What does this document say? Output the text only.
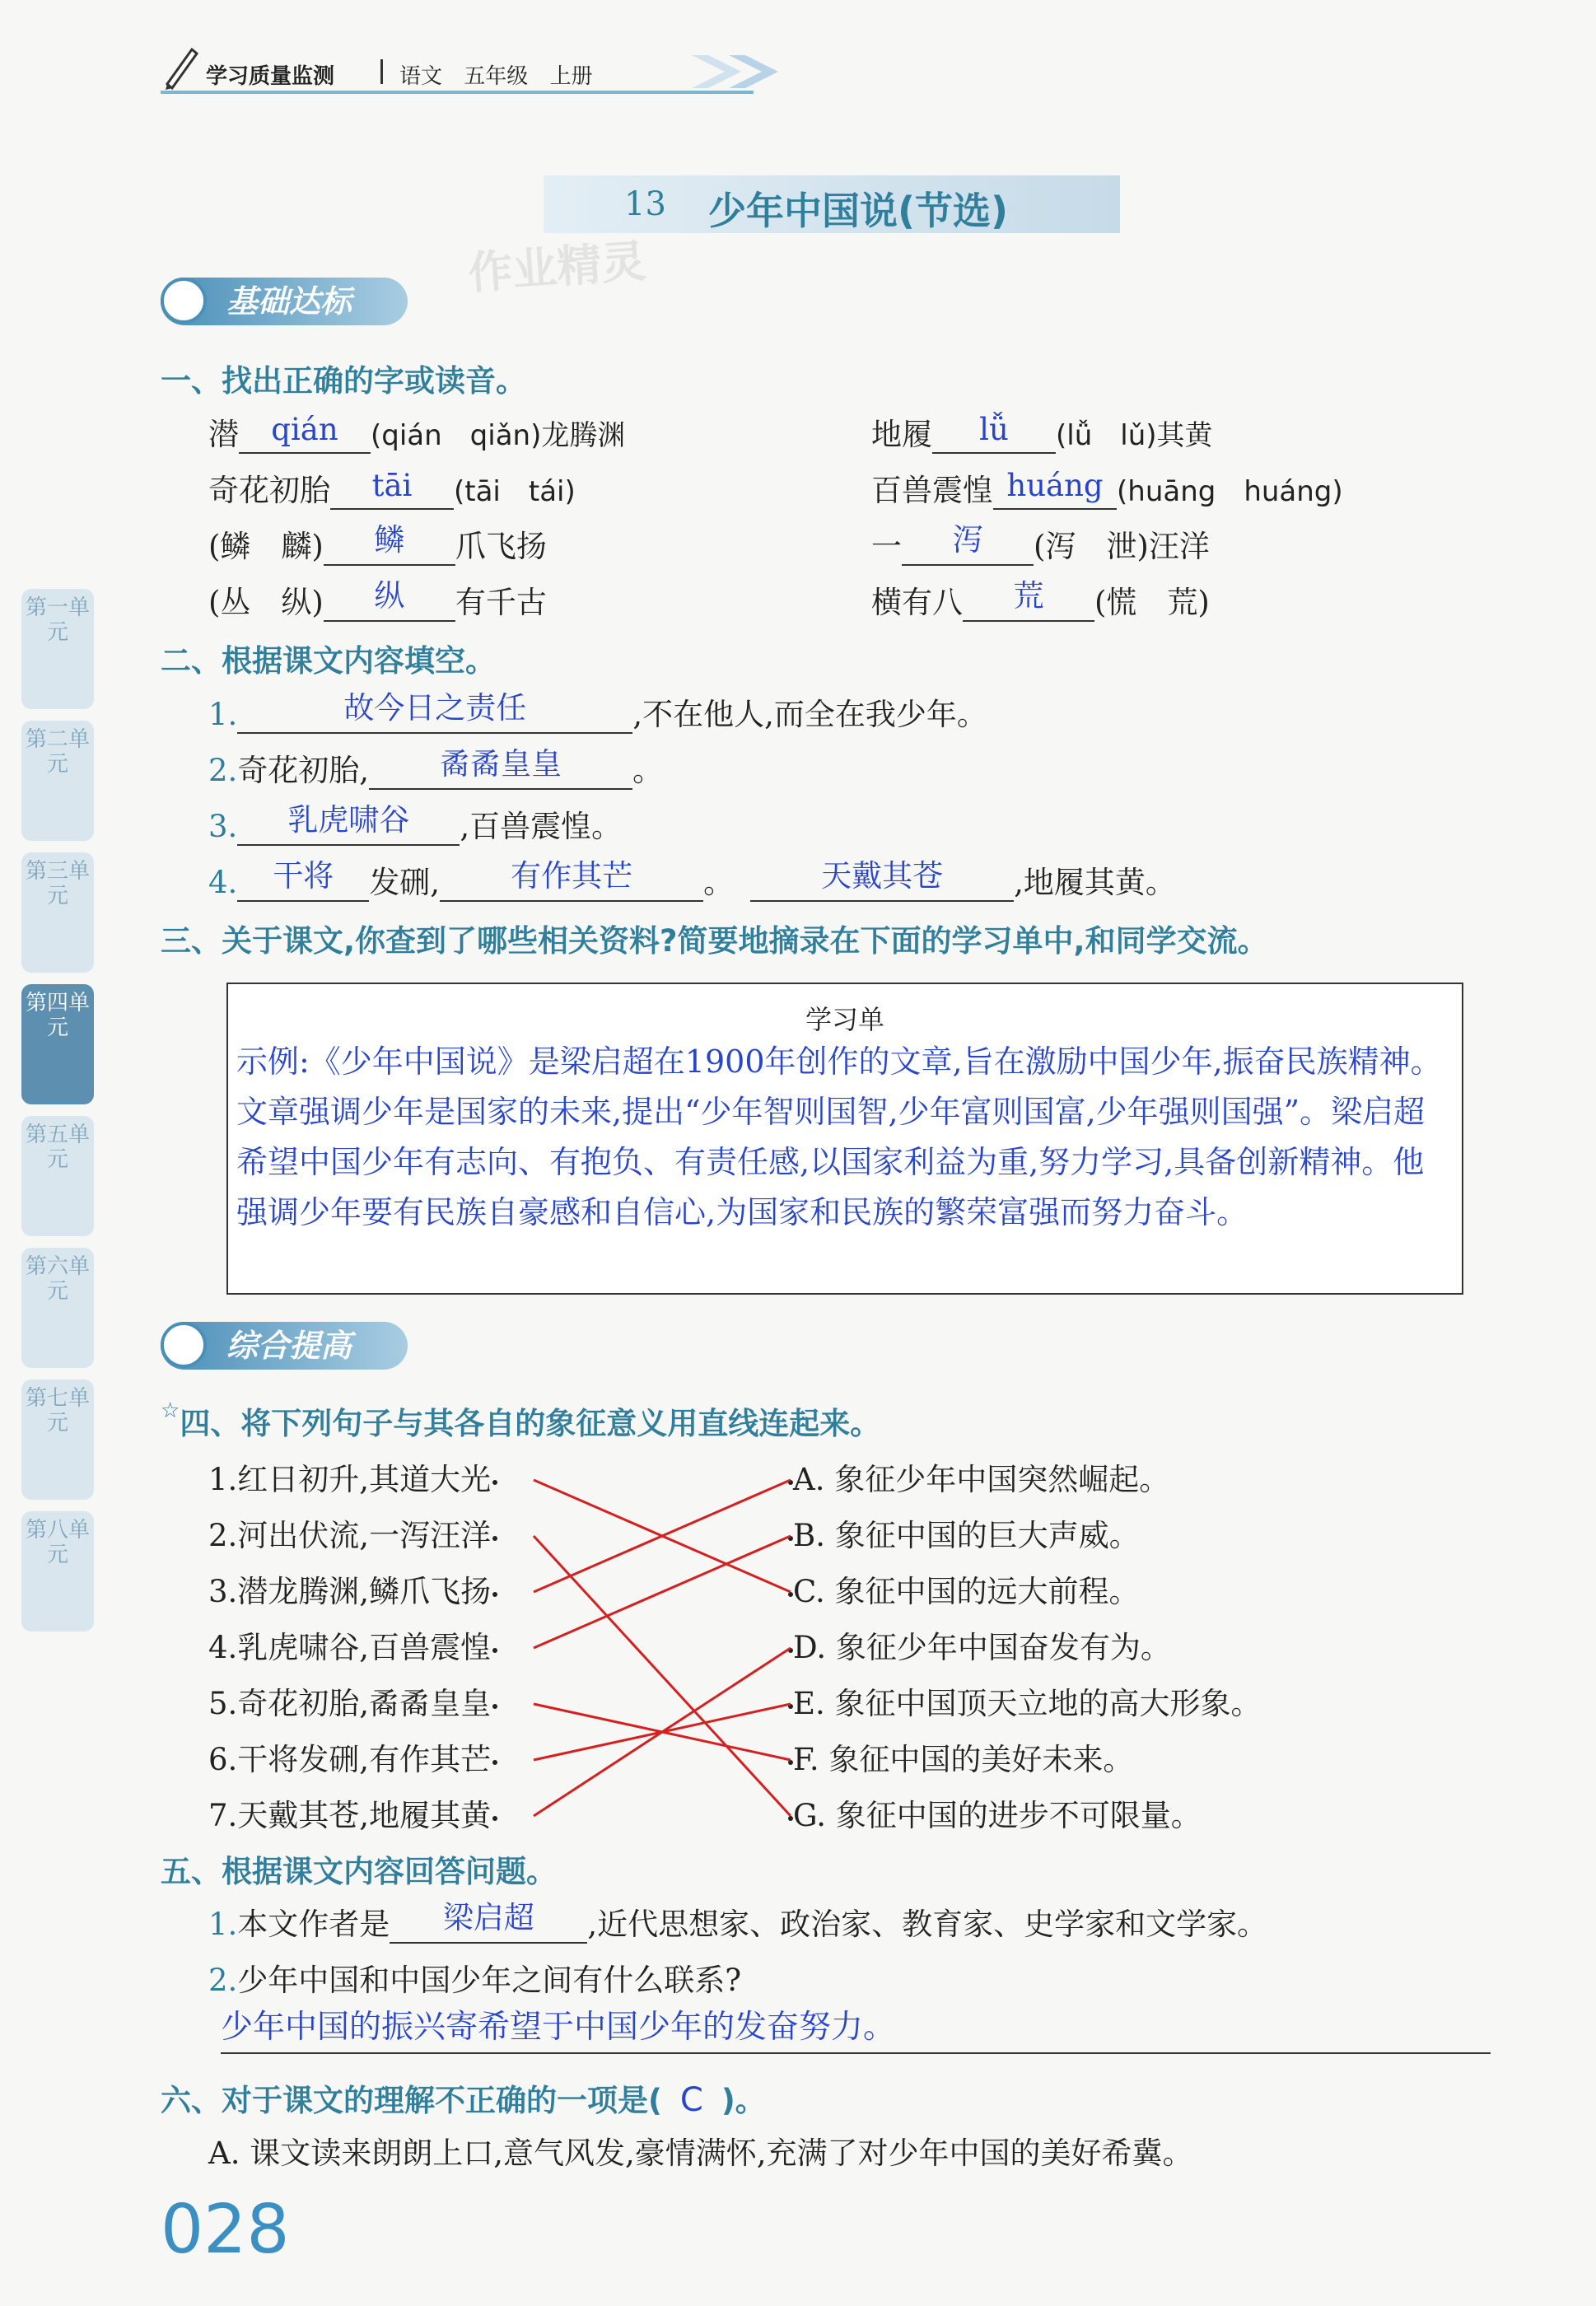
学习质量监测	语文 五年级 上册
13 少年中国说(节选)
作业精灵
第一单元
第二单元
第三单元
第四单元
第五单元
第六单元
第七单元
第八单元
基础达标
一、找出正确的字或读音。
潜	qián	(qián　qiǎn)龙腾渊	地履	lǚ	(lǚ　lǔ)其黄
奇花初胎	tāi	(tāi　tái)	百兽震惶 huáng (huāng　huáng)
(鳞　麟)	鳞	爪飞扬	一	泻	(泻　泄)汪洋
(丛　纵)	纵	有千古	横有八	荒	(慌　荒)
二、根据课文内容填空。
1.	故今日之责任	,不在他人,而全在我少年。
2.奇花初胎,	矞矞皇皇	。
3.	乳虎啸谷	,百兽震惶。
4.	干将	发硎,	有作其芒	。	天戴其苍	,地履其黄。
三、关于课文,你查到了哪些相关资料?简要地摘录在下面的学习单中,和同学交流。
学习单
示例:《少年中国说》是梁启超在1900年创作的文章,旨在激励中国少年,振奋民族精神。文章强调少年是国家的未来,提出“少年智则国智,少年富则国富,少年强则国强”。梁启超希望中国少年有志向、有抱负、有责任感,以国家利益为重,努力学习,具备创新精神。他强调少年要有民族自豪感和自信心,为国家和民族的繁荣富强而努力奋斗。
综合提高
☆四、将下列句子与其各自的象征意义用直线连起来。
1.红日初升,其道大光
2.河出伏流,一泻汪洋
3.潜龙腾渊,鳞爪飞扬
4.乳虎啸谷,百兽震惶
5.奇花初胎,矞矞皇皇
6.干将发硎,有作其芒
7.天戴其苍,地履其黄
A. 象征少年中国突然崛起。
B. 象征中国的巨大声威。
C. 象征中国的远大前程。
D. 象征少年中国奋发有为。
E. 象征中国顶天立地的高大形象。
F. 象征中国的美好未来。
G. 象征中国的进步不可限量。
五、根据课文内容回答问题。
1.本文作者是	梁启超	,近代思想家、政治家、教育家、史学家和文学家。
2.少年中国和中国少年之间有什么联系?
少年中国的振兴寄希望于中国少年的发奋努力。
六、对于课文的理解不正确的一项是( C )。
A. 课文读来朗朗上口,意气风发,豪情满怀,充满了对少年中国的美好希冀。
028
